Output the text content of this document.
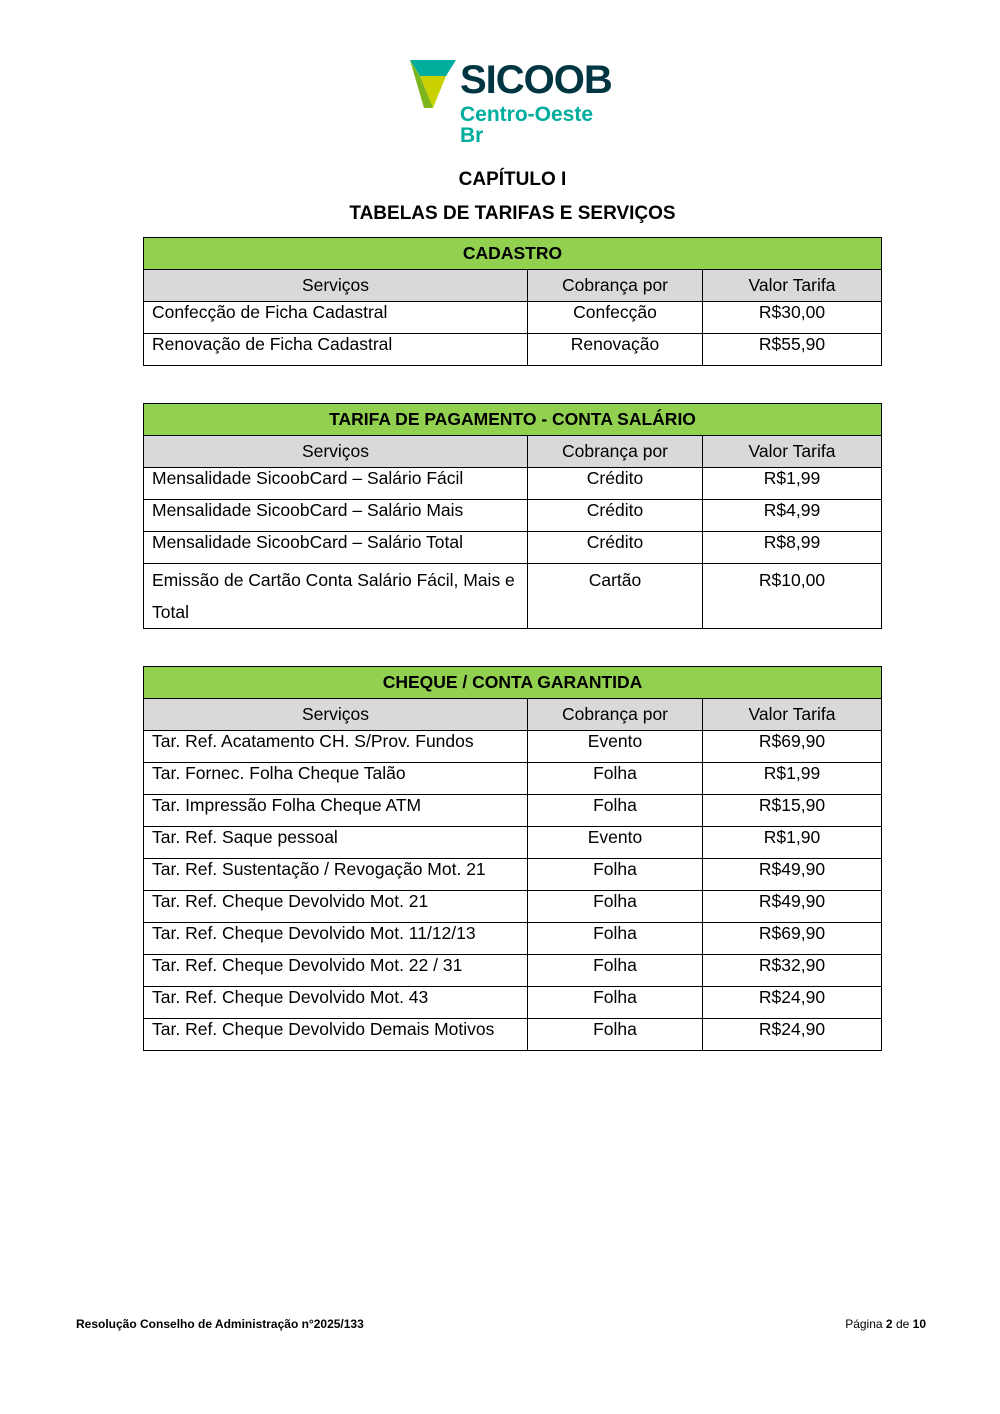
SICOOB
Centro-Oeste Br
CAPÍTULO I
TABELAS DE TARIFAS E SERVIÇOS
CADASTRO		
Serviços	Cobrança por	Valor Tarifa
Confecção de Ficha Cadastral	Confecção	R$30,00
Renovação de Ficha Cadastral	Renovação	R$55,90
TARIFA DE PAGAMENTO - CONTA SALÁRIO		
Serviços	Cobrança por	Valor Tarifa
Mensalidade SicoobCard – Salário Fácil	Crédito	R$1,99
Mensalidade SicoobCard – Salário Mais	Crédito	R$4,99
Mensalidade SicoobCard – Salário Total	Crédito	R$8,99
Emissão de Cartão Conta Salário Fácil, Mais e Total	Cartão	R$10,00
CHEQUE / CONTA GARANTIDA		
Serviços	Cobrança por	Valor Tarifa
Tar. Ref. Acatamento CH. S/Prov. Fundos	Evento	R$69,90
Tar. Fornec. Folha Cheque Talão	Folha	R$1,99
Tar. Impressão Folha Cheque ATM	Folha	R$15,90
Tar. Ref. Saque pessoal	Evento	R$1,90
Tar. Ref. Sustentação / Revogação Mot. 21	Folha	R$49,90
Tar. Ref. Cheque Devolvido Mot. 21	Folha	R$49,90
Tar. Ref. Cheque Devolvido Mot. 11/12/13	Folha	R$69,90
Tar. Ref. Cheque Devolvido Mot. 22 / 31	Folha	R$32,90
Tar. Ref. Cheque Devolvido Mot. 43	Folha	R$24,90
Tar. Ref. Cheque Devolvido Demais Motivos	Folha	R$24,90
Resolução Conselho de Administração n°2025/133	Página 2 de 10
